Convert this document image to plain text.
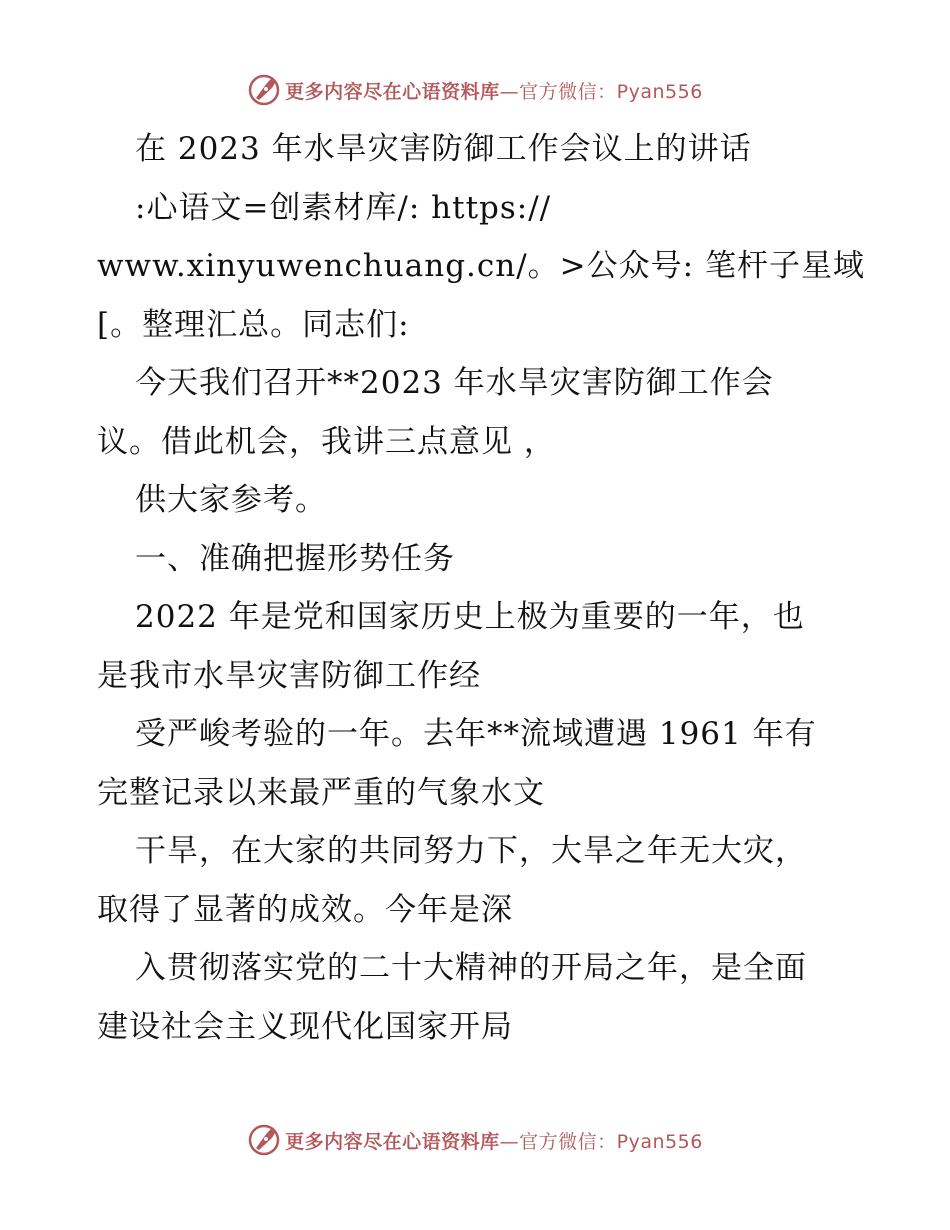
更多内容尽在心语资料库—官方微信：Pyan556
在 2023 年水旱灾害防御工作会议上的讲话
:心语文=创素材库/: https://
www.xinyuwenchuang.cn/。>公众号: 笔杆子星域
[。整理汇总。同志们:
今天我们召开**2023 年水旱灾害防御工作会
议。借此机会，我讲三点意见 ，
供大家参考。
一、准确把握形势任务
2022 年是党和国家历史上极为重要的一年，也
是我市水旱灾害防御工作经
受严峻考验的一年。去年**流域遭遇 1961 年有
完整记录以来最严重的气象水文
干旱，在大家的共同努力下，大旱之年无大灾，
取得了显著的成效。今年是深
入贯彻落实党的二十大精神的开局之年，是全面
建设社会主义现代化国家开局
更多内容尽在心语资料库—官方微信：Pyan556
